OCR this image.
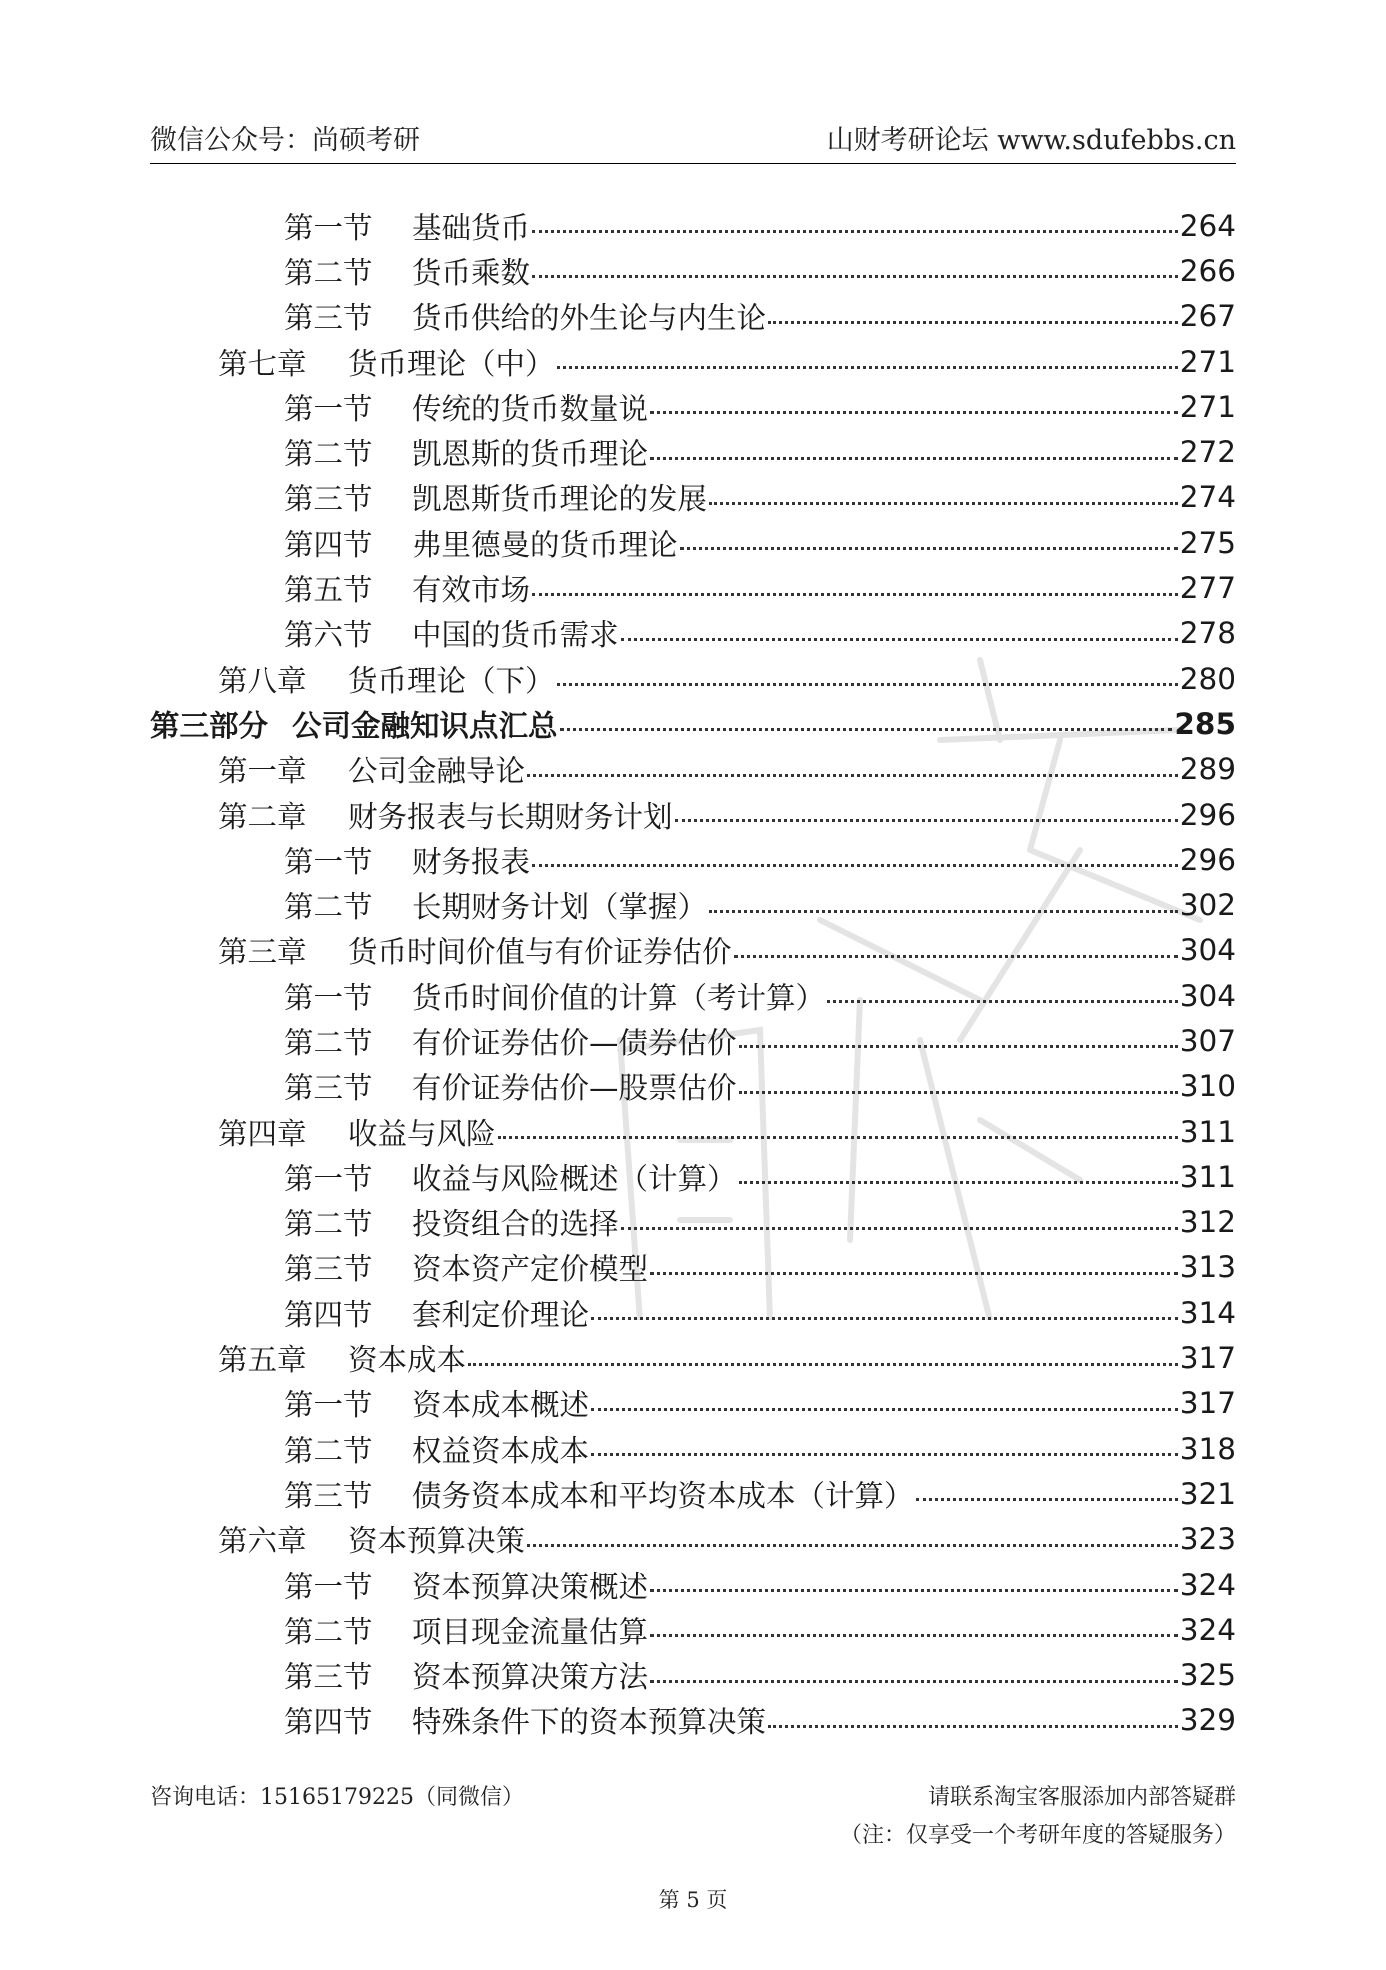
微信公众号：尚硕考研	山财考研论坛 www.sdufebbs.cn
第一节	基础货币	264
第二节	货币乘数	266
第三节	货币供给的外生论与内生论	267
第七章	货币理论（中）	271
第一节	传统的货币数量说	271
第二节	凯恩斯的货币理论	272
第三节	凯恩斯货币理论的发展	274
第四节	弗里德曼的货币理论	275
第五节	有效市场	277
第六节	中国的货币需求	278
第八章	货币理论（下）	280
第三部分 公司金融知识点汇总	285
第一章	公司金融导论	289
第二章	财务报表与长期财务计划	296
第一节	财务报表	296
第二节	长期财务计划（掌握）	302
第三章	货币时间价值与有价证券估价	304
第一节	货币时间价值的计算（考计算）	304
第二节	有价证券估价—债券估价	307
第三节	有价证券估价—股票估价	310
第四章	收益与风险	311
第一节	收益与风险概述（计算）	311
第二节	投资组合的选择	312
第三节	资本资产定价模型	313
第四节	套利定价理论	314
第五章	资本成本	317
第一节	资本成本概述	317
第二节	权益资本成本	318
第三节	债务资本成本和平均资本成本（计算）	321
第六章	资本预算决策	323
第一节	资本预算决策概述	324
第二节	项目现金流量估算	324
第三节	资本预算决策方法	325
第四节	特殊条件下的资本预算决策	329
咨询电话：15165179225（同微信）	请联系淘宝客服添加内部答疑群
（注：仅享受一个考研年度的答疑服务）
第 5 页
